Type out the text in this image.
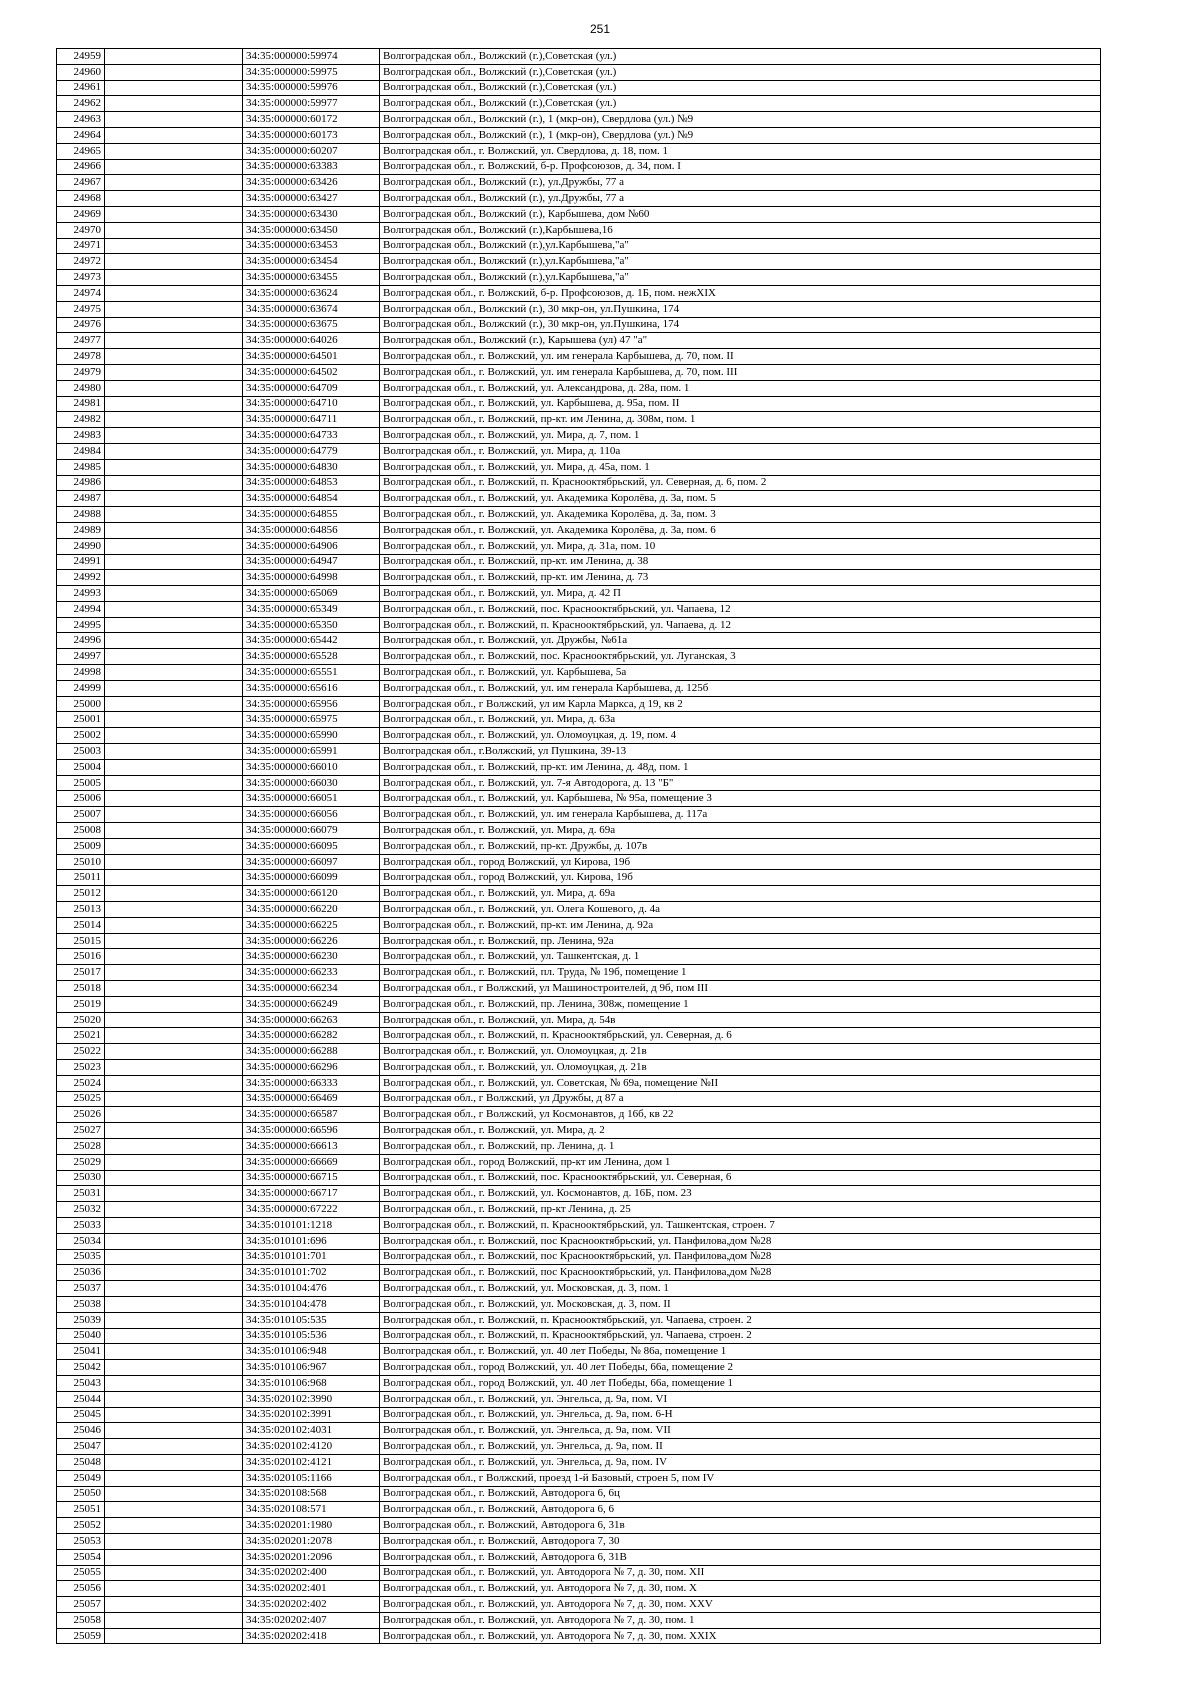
251
24959		34:35:000000:59974	Волгоградская обл., Волжский (г.),Советская (ул.)
24960		34:35:000000:59975	Волгоградская обл., Волжский (г.),Советская (ул.)
24961		34:35:000000:59976	Волгоградская обл., Волжский (г.),Советская (ул.)
24962		34:35:000000:59977	Волгоградская обл., Волжский (г.),Советская (ул.)
24963		34:35:000000:60172	Волгоградская обл., Волжский (г.), 1 (мкр-он), Свердлова (ул.) №9
24964		34:35:000000:60173	Волгоградская обл., Волжский (г.), 1 (мкр-он), Свердлова (ул.) №9
24965		34:35:000000:60207	Волгоградская обл., г. Волжский, ул. Свердлова, д. 18, пом. 1
24966		34:35:000000:63383	Волгоградская обл., г. Волжский, б-р. Профсоюзов, д. 34, пом. I
24967		34:35:000000:63426	Волгоградская обл., Волжский (г.), ул.Дружбы, 77 а
24968		34:35:000000:63427	Волгоградская обл., Волжский (г.), ул.Дружбы, 77 а
24969		34:35:000000:63430	Волгоградская обл., Волжский (г.), Карбышева, дом №60
24970		34:35:000000:63450	Волгоградская обл., Волжский (г.),Карбышева,16
24971		34:35:000000:63453	Волгоградская обл., Волжский (г.),ул.Карбышева,"а"
24972		34:35:000000:63454	Волгоградская обл., Волжский (г.),ул.Карбышева,"а"
24973		34:35:000000:63455	Волгоградская обл., Волжский (г.),ул.Карбышева,"а"
24974		34:35:000000:63624	Волгоградская обл., г. Волжский, б-р. Профсоюзов, д. 1Б, пом. нежXIX
24975		34:35:000000:63674	Волгоградская обл., Волжский (г.), 30 мкр-он, ул.Пушкина, 174
24976		34:35:000000:63675	Волгоградская обл., Волжский (г.), 30 мкр-он, ул.Пушкина, 174
24977		34:35:000000:64026	Волгоградская обл., Волжский (г.), Карышева (ул) 47 "а"
24978		34:35:000000:64501	Волгоградская обл., г. Волжский, ул. им генерала Карбышева, д. 70, пом. II
24979		34:35:000000:64502	Волгоградская обл., г. Волжский, ул. им генерала Карбышева, д. 70, пом. III
24980		34:35:000000:64709	Волгоградская обл., г. Волжский, ул. Александрова, д. 28а, пом. 1
24981		34:35:000000:64710	Волгоградская обл., г. Волжский, ул. Карбышева, д. 95а, пом. II
24982		34:35:000000:64711	Волгоградская обл., г. Волжский, пр-кт. им Ленина, д. 308м, пом. 1
24983		34:35:000000:64733	Волгоградская обл., г. Волжский, ул. Мира, д. 7, пом. 1
24984		34:35:000000:64779	Волгоградская обл., г. Волжский, ул. Мира, д. 110а
24985		34:35:000000:64830	Волгоградская обл., г. Волжский, ул. Мира, д. 45а, пом. 1
24986		34:35:000000:64853	Волгоградская обл., г. Волжский, п. Краснооктябрьский, ул. Северная, д. 6, пом. 2
24987		34:35:000000:64854	Волгоградская обл., г. Волжский, ул. Академика Королёва, д. 3а, пом. 5
24988		34:35:000000:64855	Волгоградская обл., г. Волжский, ул. Академика Королёва, д. 3а, пом. 3
24989		34:35:000000:64856	Волгоградская обл., г. Волжский, ул. Академика Королёва, д. 3а, пом. 6
24990		34:35:000000:64906	Волгоградская обл., г. Волжский, ул. Мира, д. 31а, пом. 10
24991		34:35:000000:64947	Волгоградская обл., г. Волжский, пр-кт. им Ленина, д. 38
24992		34:35:000000:64998	Волгоградская обл., г. Волжский, пр-кт. им Ленина, д. 73
24993		34:35:000000:65069	Волгоградская обл., г. Волжский, ул. Мира, д. 42 П
24994		34:35:000000:65349	Волгоградская обл., г. Волжский, пос. Краснооктябрьский, ул. Чапаева, 12
24995		34:35:000000:65350	Волгоградская обл., г. Волжский, п. Краснооктябрьский, ул. Чапаева, д. 12
24996		34:35:000000:65442	Волгоградская обл., г. Волжский, ул. Дружбы, №61а
24997		34:35:000000:65528	Волгоградская обл., г. Волжский, пос. Краснооктябрьский, ул. Луганская, 3
24998		34:35:000000:65551	Волгоградская обл., г. Волжский, ул. Карбышева, 5а
24999		34:35:000000:65616	Волгоградская обл., г. Волжский, ул. им генерала Карбышева, д. 125б
25000		34:35:000000:65956	Волгоградская обл., г Волжский, ул им Карла Маркса, д 19, кв 2
25001		34:35:000000:65975	Волгоградская обл., г. Волжский, ул. Мира, д. 63а
25002		34:35:000000:65990	Волгоградская обл., г. Волжский, ул. Оломоуцкая, д. 19, пом. 4
25003		34:35:000000:65991	Волгоградская обл., г.Волжский, ул Пушкина, 39-13
25004		34:35:000000:66010	Волгоградская обл., г. Волжский, пр-кт. им Ленина, д. 48д, пом. 1
25005		34:35:000000:66030	Волгоградская обл., г. Волжский, ул. 7-я Автодорога, д. 13 "Б"
25006		34:35:000000:66051	Волгоградская обл., г. Волжский, ул. Карбышева, № 95а, помещение 3
25007		34:35:000000:66056	Волгоградская обл., г. Волжский, ул. им генерала Карбышева, д. 117а
25008		34:35:000000:66079	Волгоградская обл., г. Волжский, ул. Мира, д. 69а
25009		34:35:000000:66095	Волгоградская обл., г. Волжский, пр-кт. Дружбы, д. 107в
25010		34:35:000000:66097	Волгоградская обл., город Волжский, ул Кирова, 19б
25011		34:35:000000:66099	Волгоградская обл., город Волжский, ул. Кирова, 19б
25012		34:35:000000:66120	Волгоградская обл., г. Волжский, ул. Мира, д. 69а
25013		34:35:000000:66220	Волгоградская обл., г. Волжский, ул. Олега Кошевого, д. 4а
25014		34:35:000000:66225	Волгоградская обл., г. Волжский, пр-кт. им Ленина, д. 92а
25015		34:35:000000:66226	Волгоградская обл., г. Волжский, пр. Ленина, 92а
25016		34:35:000000:66230	Волгоградская обл., г. Волжский, ул. Ташкентская, д. 1
25017		34:35:000000:66233	Волгоградская обл., г. Волжский, пл. Труда, № 19б, помещение 1
25018		34:35:000000:66234	Волгоградская обл., г Волжский, ул Машиностроителей, д 9б, пом III
25019		34:35:000000:66249	Волгоградская обл., г. Волжский, пр. Ленина, 308ж, помещение 1
25020		34:35:000000:66263	Волгоградская обл., г. Волжский, ул. Мира, д. 54в
25021		34:35:000000:66282	Волгоградская обл., г. Волжский, п. Краснооктябрьский, ул. Северная, д. 6
25022		34:35:000000:66288	Волгоградская обл., г. Волжский, ул. Оломоуцкая, д. 21в
25023		34:35:000000:66296	Волгоградская обл., г. Волжский, ул. Оломоуцкая, д. 21в
25024		34:35:000000:66333	Волгоградская обл., г. Волжский, ул. Советская, № 69а, помещение №II
25025		34:35:000000:66469	Волгоградская обл., г Волжский, ул Дружбы, д 87 а
25026		34:35:000000:66587	Волгоградская обл., г Волжский, ул Космонавтов, д 16б, кв 22
25027		34:35:000000:66596	Волгоградская обл., г. Волжский, ул. Мира, д. 2
25028		34:35:000000:66613	Волгоградская обл., г. Волжский, пр. Ленина, д. 1
25029		34:35:000000:66669	Волгоградская обл., город Волжский, пр-кт им Ленина, дом 1
25030		34:35:000000:66715	Волгоградская обл., г. Волжский, пос. Краснооктябрьский, ул. Северная, 6
25031		34:35:000000:66717	Волгоградская обл., г. Волжский, ул. Космонавтов, д. 16Б, пом. 23
25032		34:35:000000:67222	Волгоградская обл., г. Волжский, пр-кт Ленина, д. 25
25033		34:35:010101:1218	Волгоградская обл., г. Волжский, п. Краснооктябрьский, ул. Ташкентская, строен. 7
25034		34:35:010101:696	Волгоградская обл., г. Волжский, пос Краснооктябрьский, ул. Панфилова,дом №28
25035		34:35:010101:701	Волгоградская обл., г. Волжский, пос Краснооктябрьский, ул. Панфилова,дом №28
25036		34:35:010101:702	Волгоградская обл., г. Волжский, пос Краснооктябрьский, ул. Панфилова,дом №28
25037		34:35:010104:476	Волгоградская обл., г. Волжский, ул. Московская, д. 3, пом. 1
25038		34:35:010104:478	Волгоградская обл., г. Волжский, ул. Московская, д. 3, пом. II
25039		34:35:010105:535	Волгоградская обл., г. Волжский, п. Краснооктябрьский, ул. Чапаева, строен. 2
25040		34:35:010105:536	Волгоградская обл., г. Волжский, п. Краснооктябрьский, ул. Чапаева, строен. 2
25041		34:35:010106:948	Волгоградская обл., г. Волжский, ул. 40 лет Победы, № 86а, помещение 1
25042		34:35:010106:967	Волгоградская обл., город Волжский, ул. 40 лет Победы, 66а, помещение 2
25043		34:35:010106:968	Волгоградская обл., город Волжский, ул. 40 лет Победы, 66а, помещение 1
25044		34:35:020102:3990	Волгоградская обл., г. Волжский, ул. Энгельса, д. 9а, пом. VI
25045		34:35:020102:3991	Волгоградская обл., г. Волжский, ул. Энгельса, д. 9а, пом. 6-Н
25046		34:35:020102:4031	Волгоградская обл., г. Волжский, ул. Энгельса, д. 9а, пом. VII
25047		34:35:020102:4120	Волгоградская обл., г. Волжский, ул. Энгельса, д. 9а, пом. II
25048		34:35:020102:4121	Волгоградская обл., г. Волжский, ул. Энгельса, д. 9а, пом. IV
25049		34:35:020105:1166	Волгоградская обл., г Волжский, проезд 1-й Базовый, строен 5, пом IV
25050		34:35:020108:568	Волгоградская обл., г. Волжский, Автодорога 6, 6ц
25051		34:35:020108:571	Волгоградская обл., г. Волжский, Автодорога 6, 6
25052		34:35:020201:1980	Волгоградская обл., г. Волжский, Автодорога 6, 31в
25053		34:35:020201:2078	Волгоградская обл., г. Волжский, Автодорога 7, 30
25054		34:35:020201:2096	Волгоградская обл., г. Волжский, Автодорога 6, 31В
25055		34:35:020202:400	Волгоградская обл., г. Волжский, ул. Автодорога № 7, д. 30, пом. XII
25056		34:35:020202:401	Волгоградская обл., г. Волжский, ул. Автодорога № 7, д. 30, пом. X
25057		34:35:020202:402	Волгоградская обл., г. Волжский, ул. Автодорога № 7, д. 30, пом. XXV
25058		34:35:020202:407	Волгоградская обл., г. Волжский, ул. Автодорога № 7, д. 30, пом. 1
25059		34:35:020202:418	Волгоградская обл., г. Волжский, ул. Автодорога № 7, д. 30, пом. XXIX
